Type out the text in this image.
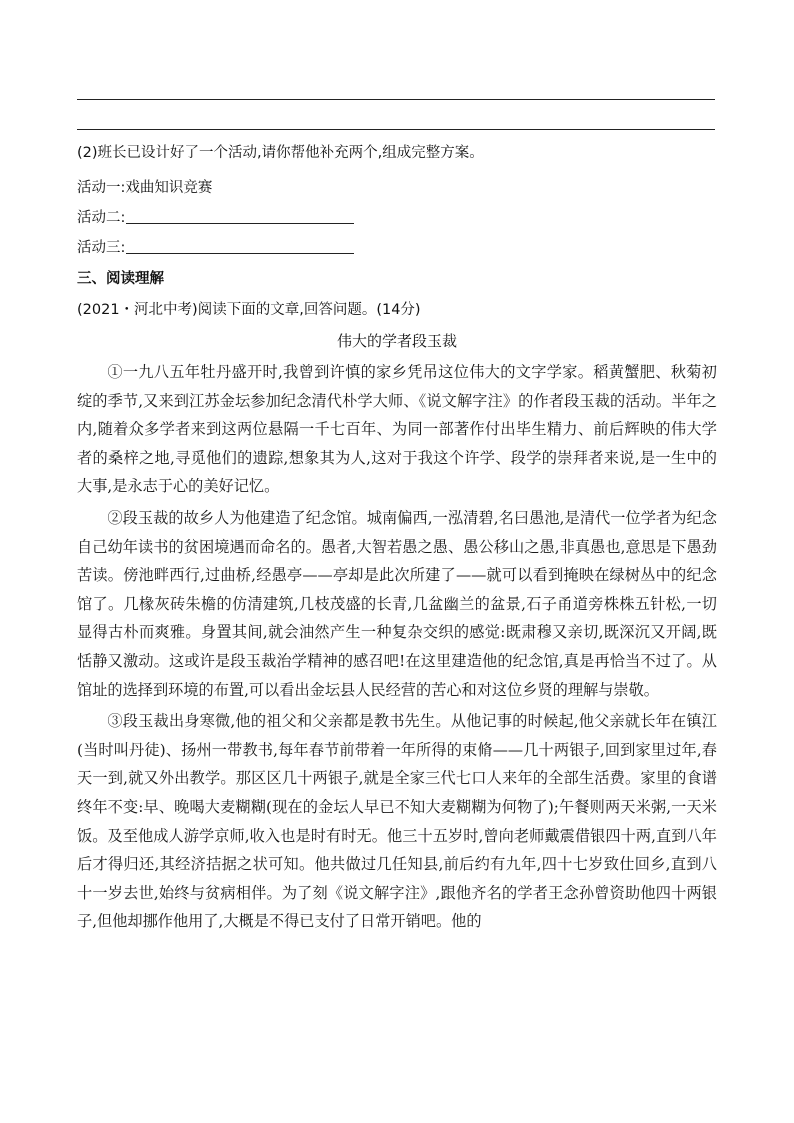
(2)班长已设计好了一个活动,请你帮他补充两个,组成完整方案。
活动一:戏曲知识竞赛
活动二:
活动三:
三、阅读理解
(2021・河北中考)阅读下面的文章,回答问题。(14分)
伟大的学者段玉裁

①一九八五年牡丹盛开时,我曾到许慎的家乡凭吊这位伟大的文字学家。稻黄蟹肥、秋菊初绽的季节,又来到江苏金坛参加纪念清代朴学大师、《说文解字注》的作者段玉裁的活动。半年之内,随着众多学者来到这两位悬隔一千七百年、为同一部著作付出毕生精力、前后辉映的伟大学者的桑梓之地,寻觅他们的遗踪,想象其为人,这对于我这个许学、段学的崇拜者来说,是一生中的大事,是永志于心的美好记忆。

②段玉裁的故乡人为他建造了纪念馆。城南偏西,一泓清碧,名曰愚池,是清代一位学者为纪念自己幼年读书的贫困境遇而命名的。愚者,大智若愚之愚、愚公移山之愚,非真愚也,意思是下愚劲苦读。傍池畔西行,过曲桥,经愚亭——亭却是此次所建了——就可以看到掩映在绿树丛中的纪念馆了。几椽灰砖朱檐的仿清建筑,几枝茂盛的长青,几盆幽兰的盆景,石子甬道旁株株五针松,一切显得古朴而爽雅。身置其间,就会油然产生一种复杂交织的感觉:既肃穆又亲切,既深沉又开阔,既恬静又激动。这或许是段玉裁治学精神的感召吧!在这里建造他的纪念馆,真是再恰当不过了。从馆址的选择到环境的布置,可以看出金坛县人民经营的苦心和对这位乡贤的理解与崇敬。

③段玉裁出身寒微,他的祖父和父亲都是教书先生。从他记事的时候起,他父亲就长年在镇江(当时叫丹徒)、扬州一带教书,每年春节前带着一年所得的束脩——几十两银子,回到家里过年,春天一到,就又外出教学。那区区几十两银子,就是全家三代七口人来年的全部生活费。家里的食谱终年不变:早、晚喝大麦糊糊(现在的金坛人早已不知大麦糊糊为何物了);午餐则两天米粥,一天米饭。及至他成人游学京师,收入也是时有时无。他三十五岁时,曾向老师戴震借银四十两,直到八年后才得归还,其经济拮据之状可知。他共做过几任知县,前后约有九年,四十七岁致仕回乡,直到八十一岁去世,始终与贫病相伴。为了刻《说文解字注》,跟他齐名的学者王念孙曾资助他四十两银子,但他却挪作他用了,大概是不得已支付了日常开销吧。他的
